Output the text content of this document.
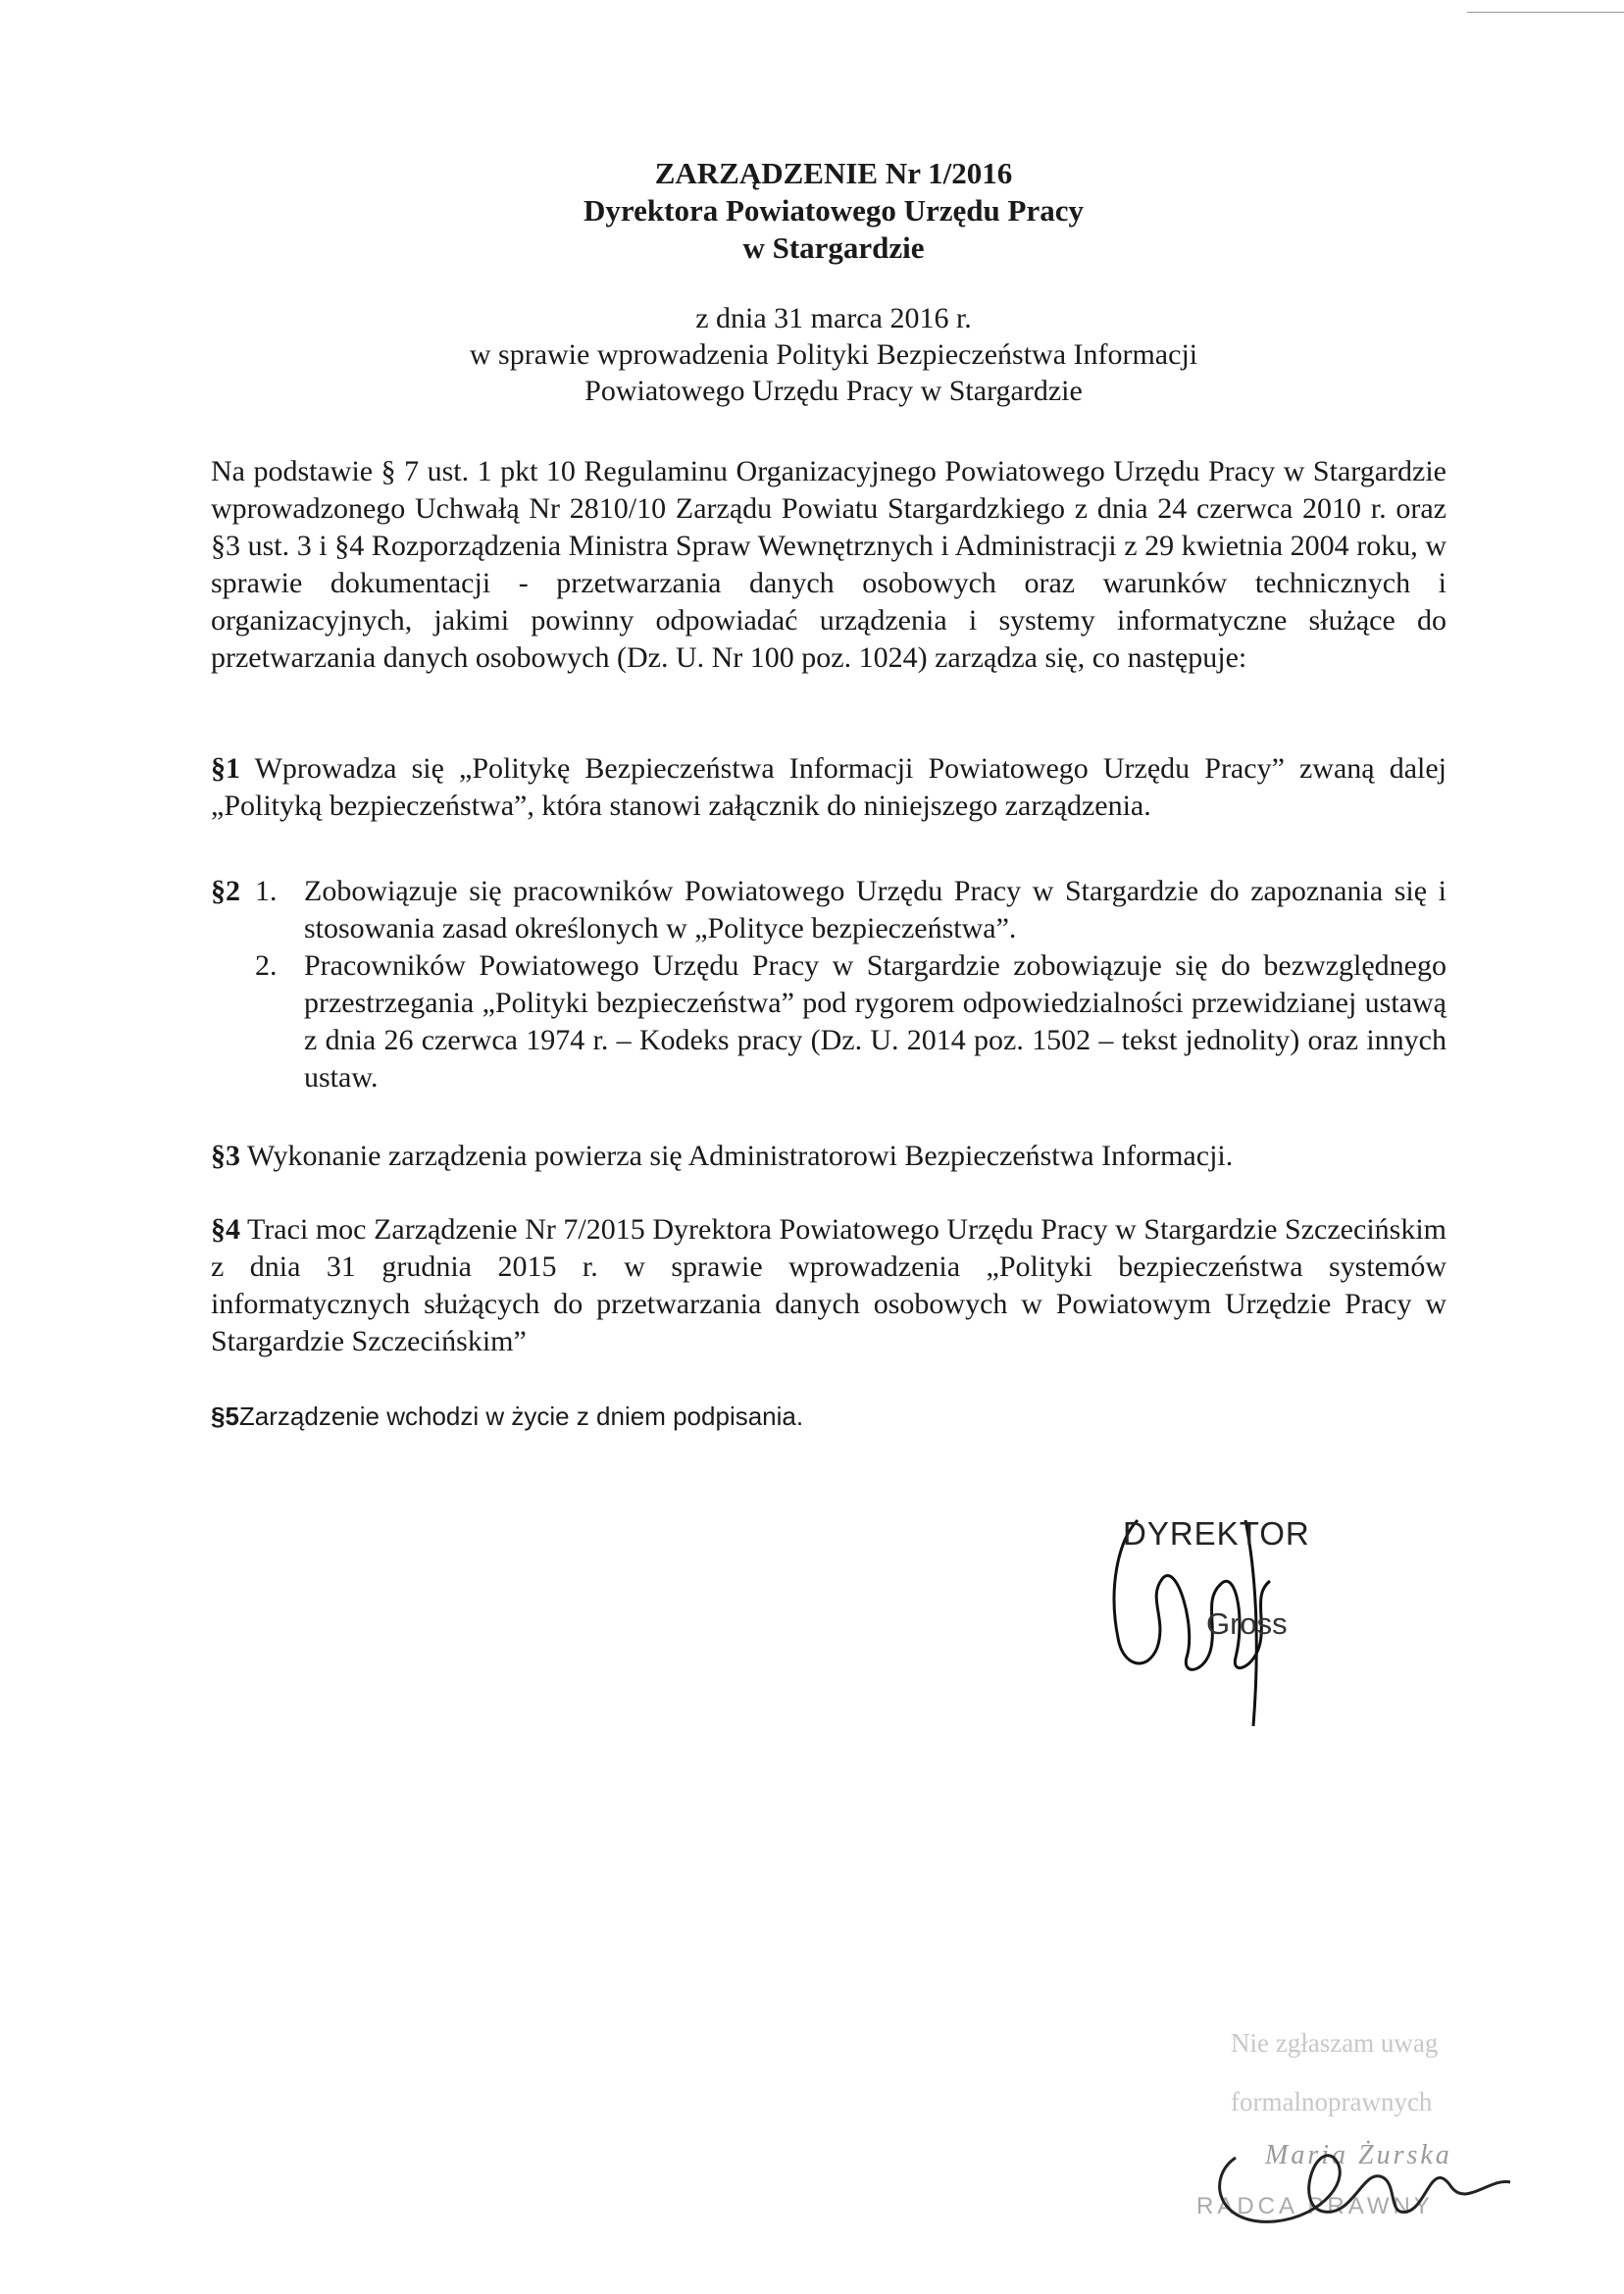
ZARZĄDZENIE Nr 1/2016
Dyrektora Powiatowego Urzędu Pracy
w Stargardzie
z dnia 31 marca 2016 r.
w sprawie wprowadzenia Polityki Bezpieczeństwa Informacji
Powiatowego Urzędu Pracy w Stargardzie
Na podstawie § 7 ust. 1 pkt 10 Regulaminu Organizacyjnego Powiatowego Urzędu Pracy w Stargardzie wprowadzonego Uchwałą Nr 2810/10 Zarządu Powiatu Stargardzkiego z dnia 24 czerwca 2010 r. oraz §3 ust. 3 i §4 Rozporządzenia Ministra Spraw Wewnętrznych i Administracji z 29 kwietnia 2004 roku, w sprawie dokumentacji - przetwarzania danych osobowych oraz warunków technicznych i organizacyjnych, jakimi powinny odpowiadać urządzenia i systemy informatyczne służące do przetwarzania danych osobowych (Dz. U. Nr 100 poz. 1024) zarządza się, co następuje:
§1 Wprowadza się „Politykę Bezpieczeństwa Informacji Powiatowego Urzędu Pracy” zwaną dalej „Polityką bezpieczeństwa”, która stanowi załącznik do niniejszego zarządzenia.
§2 1. Zobowiązuje się pracowników Powiatowego Urzędu Pracy w Stargardzie do zapoznania się i stosowania zasad określonych w „Polityce bezpieczeństwa”.
2. Pracowników Powiatowego Urzędu Pracy w Stargardzie zobowiązuje się do bezwzględnego przestrzegania „Polityki bezpieczeństwa” pod rygorem odpowiedzialności przewidzianej ustawą z dnia 26 czerwca 1974 r. – Kodeks pracy (Dz. U. 2014 poz. 1502 – tekst jednolity) oraz innych ustaw.
§3 Wykonanie zarządzenia powierza się Administratorowi Bezpieczeństwa Informacji.
§4 Traci moc Zarządzenie Nr 7/2015 Dyrektora Powiatowego Urzędu Pracy w Stargardzie Szczecińskim z dnia 31 grudnia 2015 r. w sprawie wprowadzenia „Polityki bezpieczeństwa systemów informatycznych służących do przetwarzania danych osobowych w Powiatowym Urzędzie Pracy w Stargardzie Szczecińskim”
§5Zarządzenie wchodzi w życie z dniem podpisania.
DYREKTOR
Gross
Nie zgłaszam uwag
formalnoprawnych
Maria Żurska
RADCA PRAWNY
